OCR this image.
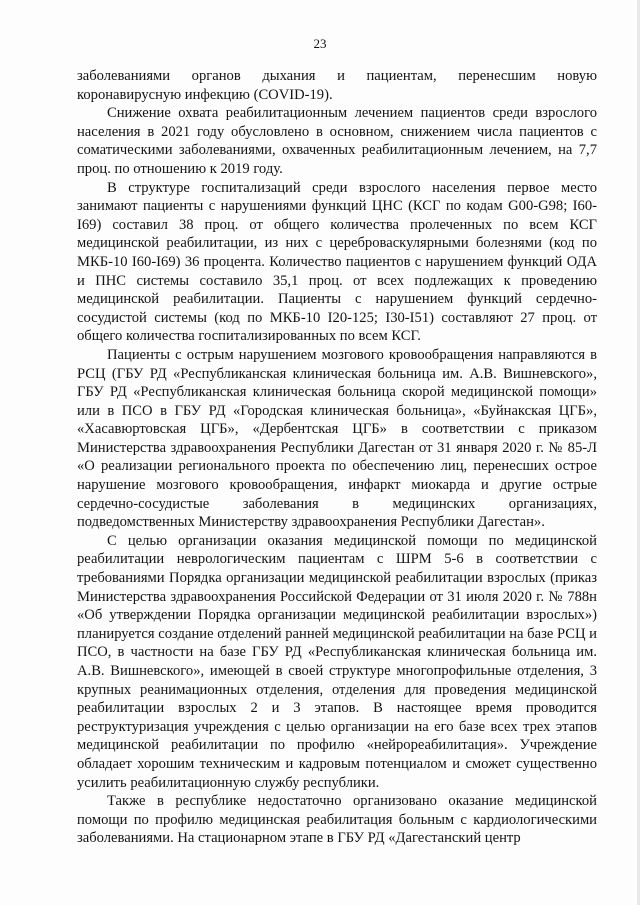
23

заболеваниями органов дыхания и пациентам, перенесшим новую коронавирусную инфекцию (COVID-19).

Снижение охвата реабилитационным лечением пациентов среди взрослого населения в 2021 году обусловлено в основном, снижением числа пациентов с соматическими заболеваниями, охваченных реабилитационным лечением, на 7,7 проц. по отношению к 2019 году.

В структуре госпитализаций среди взрослого населения первое место занимают пациенты с нарушениями функций ЦНС (КСГ по кодам G00-G98; I60-I69) составил 38 проц. от общего количества пролеченных по всем КСГ медицинской реабилитации, из них с цереброваскулярными болезнями (код по МКБ-10 I60-I69) 36 процента. Количество пациентов с нарушением функций ОДА и ПНС системы составило 35,1 проц. от всех подлежащих к проведению медицинской реабилитации. Пациенты с нарушением функций сердечно-сосудистой системы (код по МКБ-10 I20-125; I30-I51) составляют 27 проц. от общего количества госпитализированных по всем КСГ.

Пациенты с острым нарушением мозгового кровообращения направляются в РСЦ (ГБУ РД «Республиканская клиническая больница им. А.В. Вишневского», ГБУ РД «Республиканская клиническая больница скорой медицинской помощи» или в ПСО в ГБУ РД «Городская клиническая больница», «Буйнакская ЦГБ», «Хасавюртовская ЦГБ», «Дербентская ЦГБ» в соответствии с приказом Министерства здравоохранения Республики Дагестан от 31 января 2020 г. № 85-Л «О реализации регионального проекта по обеспечению лиц, перенесших острое нарушение мозгового кровообращения, инфаркт миокарда и другие острые сердечно-сосудистые заболевания в медицинских организациях, подведомственных Министерству здравоохранения Республики Дагестан».

С целью организации оказания медицинской помощи по медицинской реабилитации неврологическим пациентам с ШРМ 5-6 в соответствии с требованиями Порядка организации медицинской реабилитации взрослых (приказ Министерства здравоохранения Российской Федерации от 31 июля 2020 г. № 788н «Об утверждении Порядка организации медицинской реабилитации взрослых») планируется создание отделений ранней медицинской реабилитации на базе РСЦ и ПСО, в частности на базе ГБУ РД «Республиканская клиническая больница им. А.В. Вишневского», имеющей в своей структуре многопрофильные отделения, 3 крупных реанимационных отделения, отделения для проведения медицинской реабилитации взрослых 2 и 3 этапов. В настоящее время проводится реструктуризация учреждения с целью организации на его базе всех трех этапов медицинской реабилитации по профилю «нейрореабилитация». Учреждение обладает хорошим техническим и кадровым потенциалом и сможет существенно усилить реабилитационную службу республики.

Также в республике недостаточно организовано оказание медицинской помощи по профилю медицинская реабилитация больным с кардиологическими заболеваниями. На стационарном этапе в ГБУ РД «Дагестанский центр
